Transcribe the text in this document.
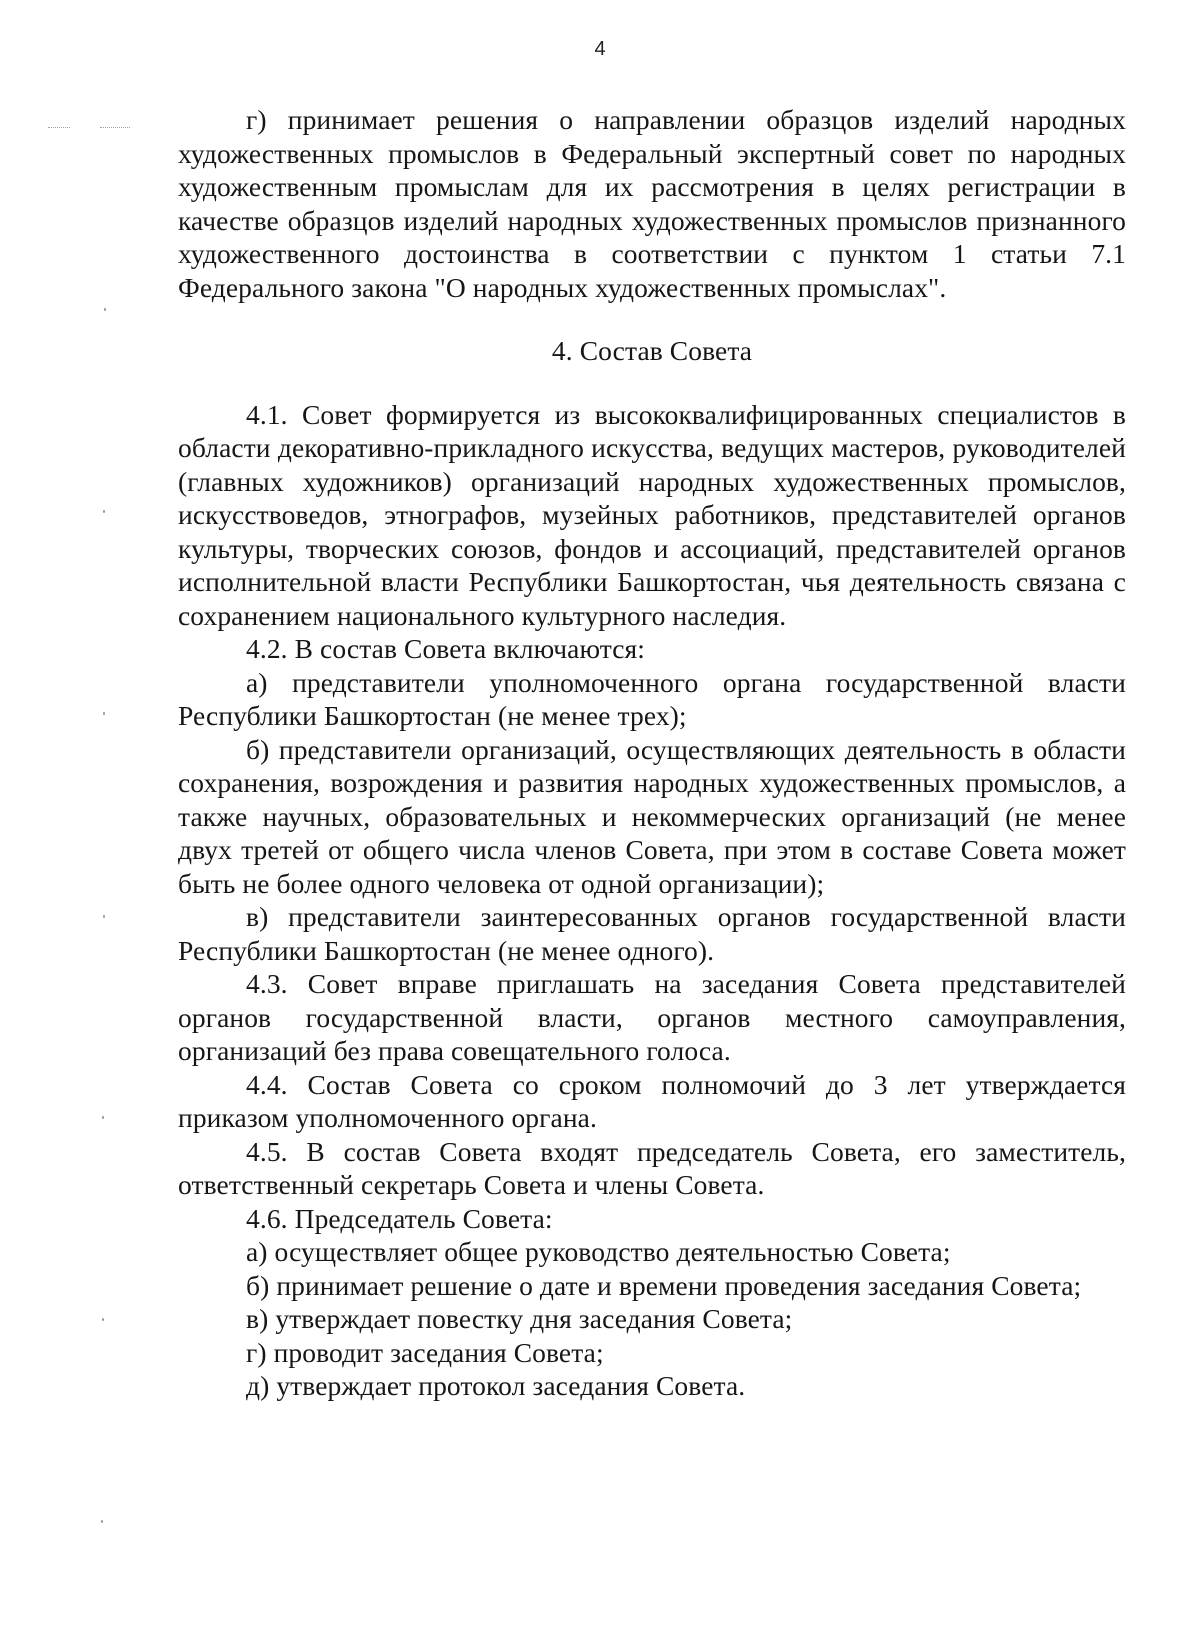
4

г) принимает решения о направлении образцов изделий народных художественных промыслов в Федеральный экспертный совет по народных художественным промыслам для их рассмотрения в целях регистрации в качестве образцов изделий народных художественных промыслов признанного художественного достоинства в соответствии с пунктом 1 статьи 7.1 Федерального закона "О народных художественных промыслах".

4. Состав Совета

4.1. Совет формируется из высококвалифицированных специалистов в области декоративно-прикладного искусства, ведущих мастеров, руководителей (главных художников) организаций народных художественных промыслов, искусствоведов, этнографов, музейных работников, представителей органов культуры, творческих союзов, фондов и ассоциаций, представителей органов исполнительной власти Республики Башкортостан, чья деятельность связана с сохранением национального культурного наследия.

4.2. В состав Совета включаются:

а) представители уполномоченного органа государственной власти Республики Башкортостан (не менее трех);

б) представители организаций, осуществляющих деятельность в области сохранения, возрождения и развития народных художественных промыслов, а также научных, образовательных и некоммерческих организаций (не менее двух третей от общего числа членов Совета, при этом в составе Совета может быть не более одного человека от одной организации);

в) представители заинтересованных органов государственной власти Республики Башкортостан (не менее одного).

4.3. Совет вправе приглашать на заседания Совета представителей органов государственной власти, органов местного самоуправления, организаций без права совещательного голоса.

4.4. Состав Совета со сроком полномочий до 3 лет утверждается приказом уполномоченного органа.

4.5. В состав Совета входят председатель Совета, его заместитель, ответственный секретарь Совета и члены Совета.

4.6. Председатель Совета:

а) осуществляет общее руководство деятельностью Совета;

б) принимает решение о дате и времени проведения заседания Совета;

в) утверждает повестку дня заседания Совета;

г) проводит заседания Совета;

д) утверждает протокол заседания Совета.
